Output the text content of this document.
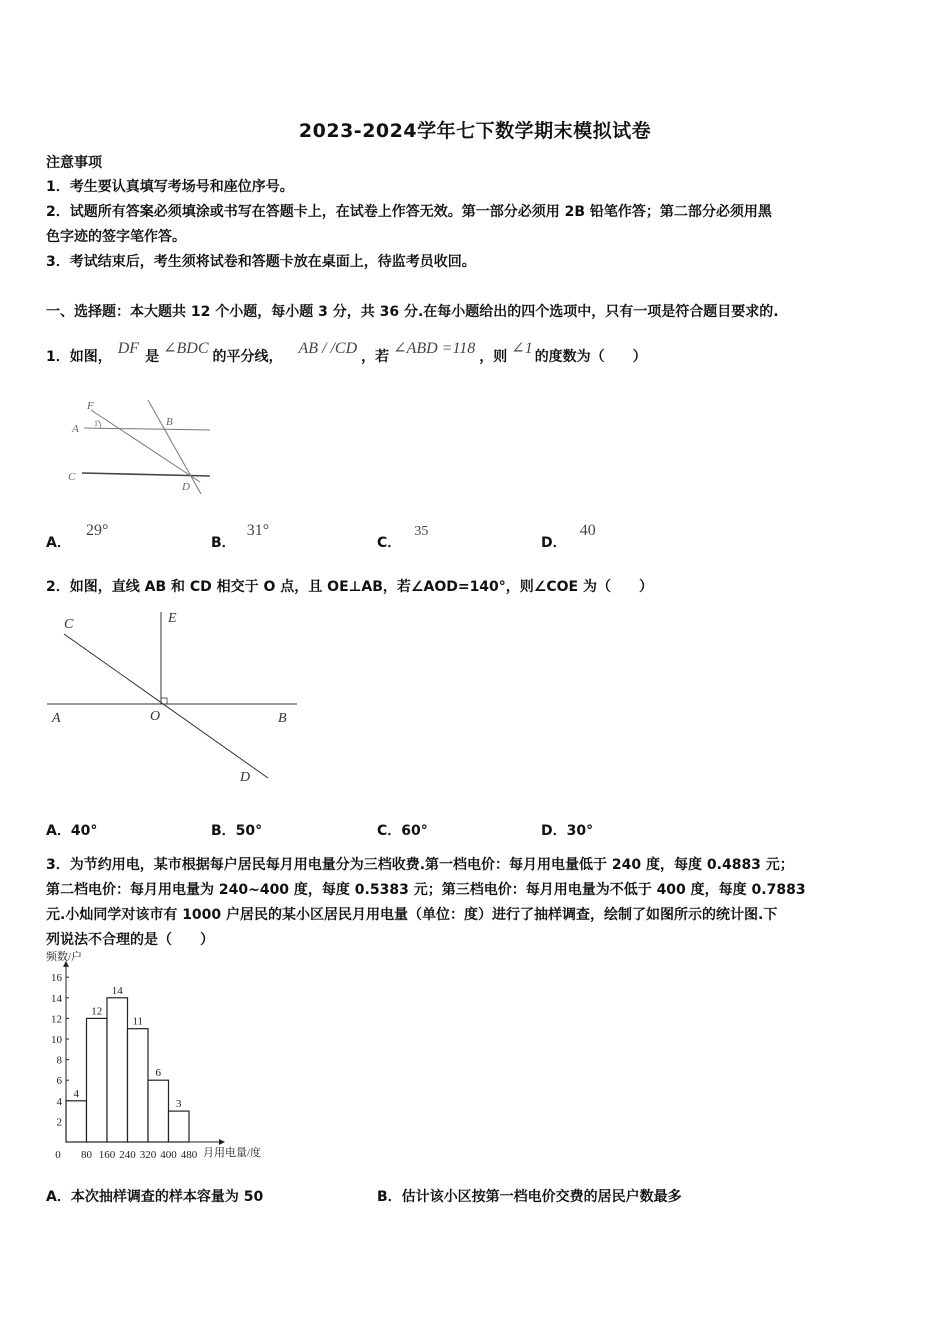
2023-2024学年七下数学期末模拟试卷
注意事项
1．考生要认真填写考场号和座位序号。
2．试题所有答案必须填涂或书写在答题卡上，在试卷上作答无效。第一部分必须用 2B 铅笔作答；第二部分必须用黑
色字迹的签字笔作答。
3．考试结束后，考生须将试卷和答题卡放在桌面上，待监考员收回。
一、选择题：本大题共 12 个小题，每小题 3 分，共 36 分.在每小题给出的四个选项中，只有一项是符合题目要求的.
1．如图， DF 是 ∠BDC 的平分线， AB / /CD ，若 ∠ABD =118 ，则 ∠1 的度数为（　　）
F
A 1	B
C
D
A． 29°
B． 31°
C． 35
D． 40
2．如图，直线 AB 和 CD 相交于 O 点，且 OE⊥AB，若∠AOD=140°，则∠COE 为（　　）
C	E
A	O	B
D
A．40°	B．50°	C．60°	D．30°
3．为节约用电，某市根据每户居民每月用电量分为三档收费.第一档电价：每月用电量低于 240 度，每度 0.4883 元；
第二档电价：每月用电量为 240~400 度，每度 0.5383 元；第三档电价：每月用电量为不低于 400 度，每度 0.7883
元.小灿同学对该市有 1000 户居民的某小区居民月用电量（单位：度）进行了抽样调查，绘制了如图所示的统计图.下
列说法不合理的是（　　）
2
4
6
8
10
12
14
16
0 80 160 240 320 400 480
4
12
14
11
6
3
频数/户
月用电量/度
A．本次抽样调查的样本容量为 50	B．估计该小区按第一档电价交费的居民户数最多
